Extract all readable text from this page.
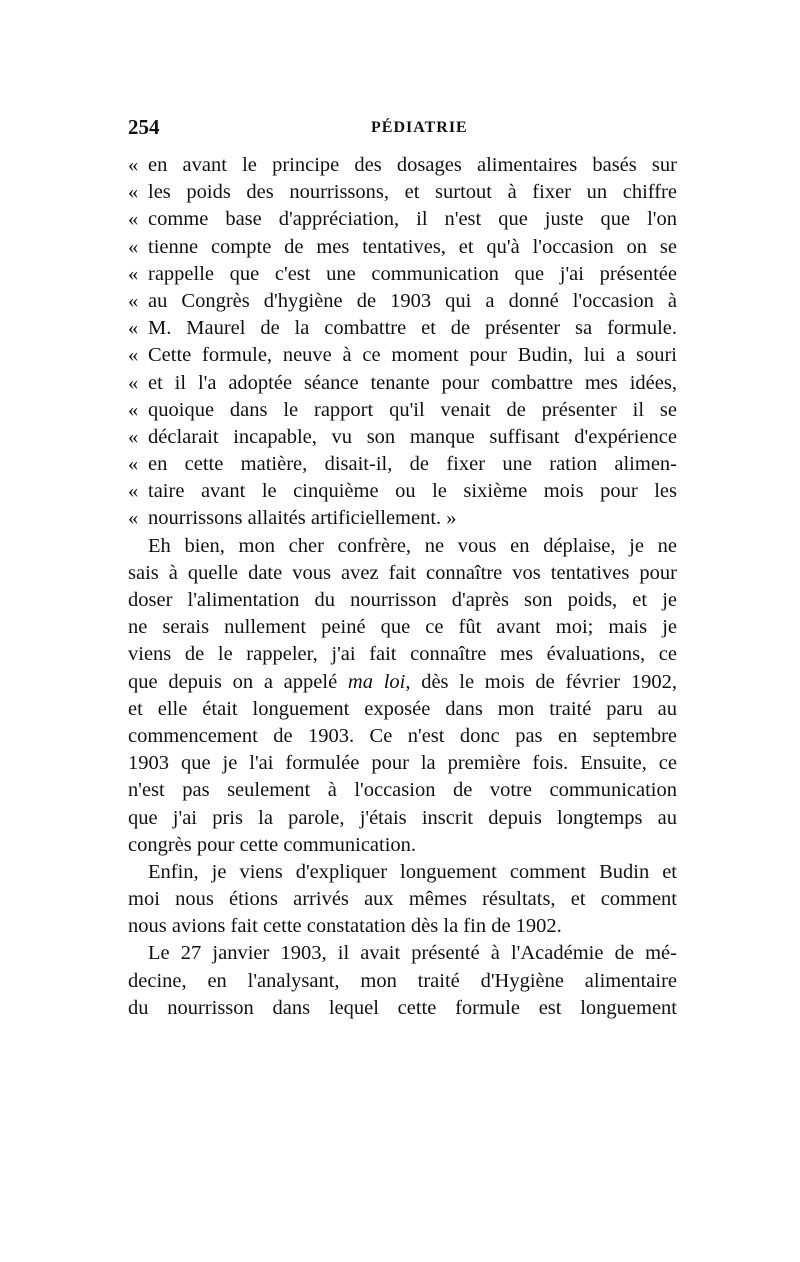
254	PÉDIATRIE
« en avant le principe des dosages alimentaires basés sur
« les poids des nourrissons, et surtout à fixer un chiffre
« comme base d'appréciation, il n'est que juste que l'on
« tienne compte de mes tentatives, et qu'à l'occasion on se
« rappelle que c'est une communication que j'ai présentée
« au Congrès d'hygiène de 1903 qui a donné l'occasion à
« M. Maurel de la combattre et de présenter sa formule.
« Cette formule, neuve à ce moment pour Budin, lui a souri
« et il l'a adoptée séance tenante pour combattre mes idées,
« quoique dans le rapport qu'il venait de présenter il se
« déclarait incapable, vu son manque suffisant d'expérience
« en cette matière, disait-il, de fixer une ration alimen-
« taire avant le cinquième ou le sixième mois pour les
« nourrissons allaités artificiellement. »
Eh bien, mon cher confrère, ne vous en déplaise, je ne
sais à quelle date vous avez fait connaître vos tentatives pour
doser l'alimentation du nourrisson d'après son poids, et je
ne serais nullement peiné que ce fût avant moi; mais je
viens de le rappeler, j'ai fait connaître mes évaluations, ce
que depuis on a appelé ma loi, dès le mois de février 1902,
et elle était longuement exposée dans mon traité paru au
commencement de 1903. Ce n'est donc pas en septembre
1903 que je l'ai formulée pour la première fois. Ensuite, ce
n'est pas seulement à l'occasion de votre communication
que j'ai pris la parole, j'étais inscrit depuis longtemps au
congrès pour cette communication.
Enfin, je viens d'expliquer longuement comment Budin et
moi nous étions arrivés aux mêmes résultats, et comment
nous avions fait cette constatation dès la fin de 1902.
Le 27 janvier 1903, il avait présenté à l'Académie de mé-
decine, en l'analysant, mon traité d'Hygiène alimentaire
du nourrisson dans lequel cette formule est longuement
